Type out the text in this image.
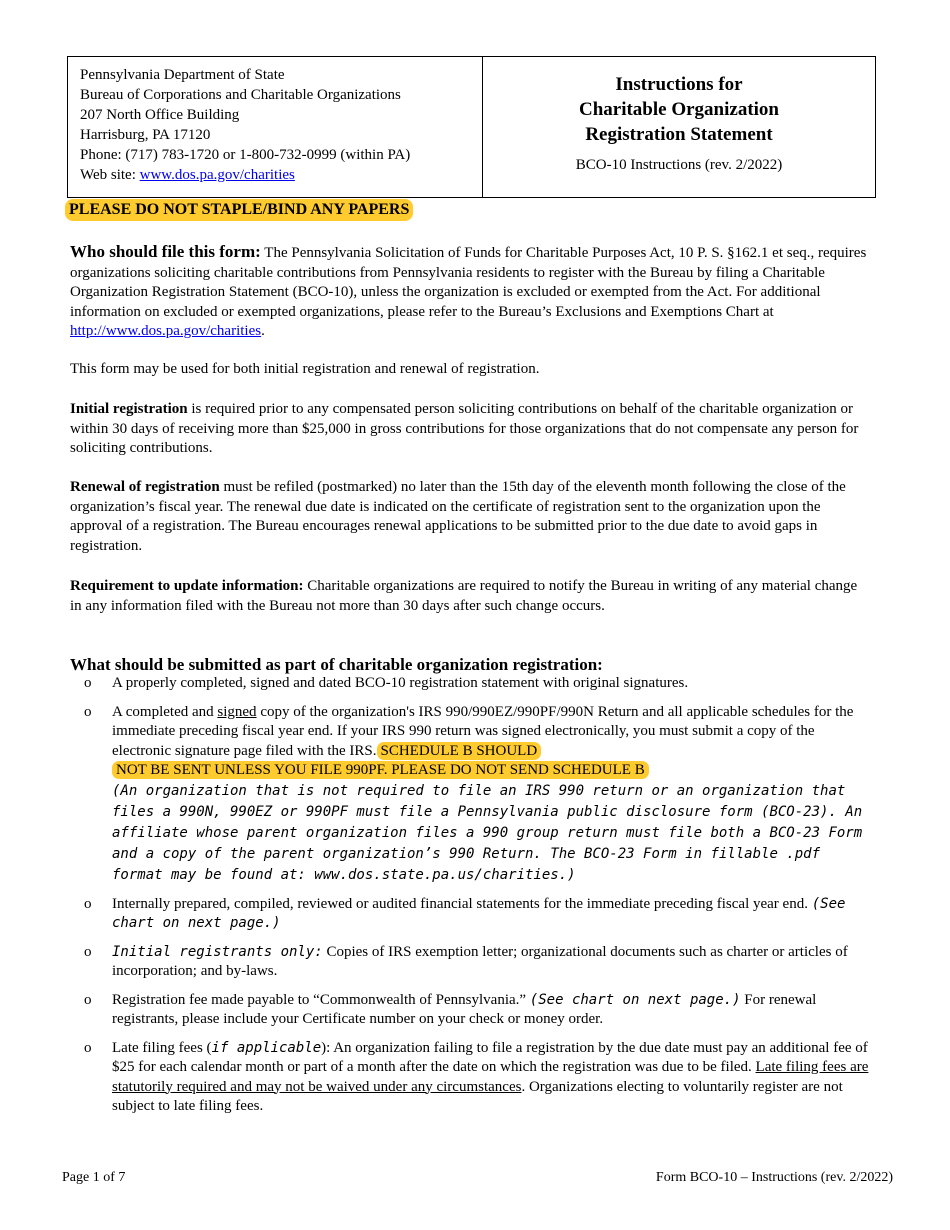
Pennsylvania Department of State
Bureau of Corporations and Charitable Organizations
207 North Office Building
Harrisburg, PA 17120
Phone: (717) 783-1720 or 1-800-732-0999 (within PA)
Web site: www.dos.pa.gov/charities
Instructions for
Charitable Organization
Registration Statement
BCO-10 Instructions (rev. 2/2022)
PLEASE DO NOT STAPLE/BIND ANY PAPERS

Who should file this form: The Pennsylvania Solicitation of Funds for Charitable Purposes Act, 10 P. S. §162.1 et seq., requires organizations soliciting charitable contributions from Pennsylvania residents to register with the Bureau by filing a Charitable Organization Registration Statement (BCO-10), unless the organization is excluded or exempted from the Act. For additional information on excluded or exempted organizations, please refer to the Bureau’s Exclusions and Exemptions Chart at http://www.dos.pa.gov/charities.

This form may be used for both initial registration and renewal of registration.

Initial registration is required prior to any compensated person soliciting contributions on behalf of the charitable organization or within 30 days of receiving more than $25,000 in gross contributions for those organizations that do not compensate any person for soliciting contributions.

Renewal of registration must be refiled (postmarked) no later than the 15th day of the eleventh month following the close of the organization’s fiscal year. The renewal due date is indicated on the certificate of registration sent to the organization upon the approval of a registration. The Bureau encourages renewal applications to be submitted prior to the due date to avoid gaps in registration.

Requirement to update information: Charitable organizations are required to notify the Bureau in writing of any material change in any information filed with the Bureau not more than 30 days after such change occurs.

What should be submitted as part of charitable organization registration:

o A properly completed, signed and dated BCO-10 registration statement with original signatures.
o A completed and signed copy of the organization's IRS 990/990EZ/990PF/990N Return and all applicable schedules for the immediate preceding fiscal year end. If your IRS 990 return was signed electronically, you must submit a copy of the electronic signature page filed with the IRS. SCHEDULE B SHOULD
NOT BE SENT UNLESS YOU FILE 990PF. PLEASE DO NOT SEND SCHEDULE B
(An organization that is not required to file an IRS 990 return or an organization that files a 990N, 990EZ or 990PF must file a Pennsylvania public disclosure form (BCO-23). An affiliate whose parent organization files a 990 group return must file both a BCO-23 Form and a copy of the parent organization’s 990 Return. The BCO-23 Form in fillable .pdf format may be found at: www.dos.state.pa.us/charities.)
o Internally prepared, compiled, reviewed or audited financial statements for the immediate preceding fiscal year end. (See chart on next page.)
o Initial registrants only: Copies of IRS exemption letter; organizational documents such as charter or articles of incorporation; and by-laws.
o Registration fee made payable to “Commonwealth of Pennsylvania.” (See chart on next page.) For renewal registrants, please include your Certificate number on your check or money order.
o Late filing fees (if applicable): An organization failing to file a registration by the due date must pay an additional fee of $25 for each calendar month or part of a month after the date on which the registration was due to be filed. Late filing fees are statutorily required and may not be waived under any circumstances. Organizations electing to voluntarily register are not subject to late filing fees.
Page 1 of 7	Form BCO-10 – Instructions (rev. 2/2022)
